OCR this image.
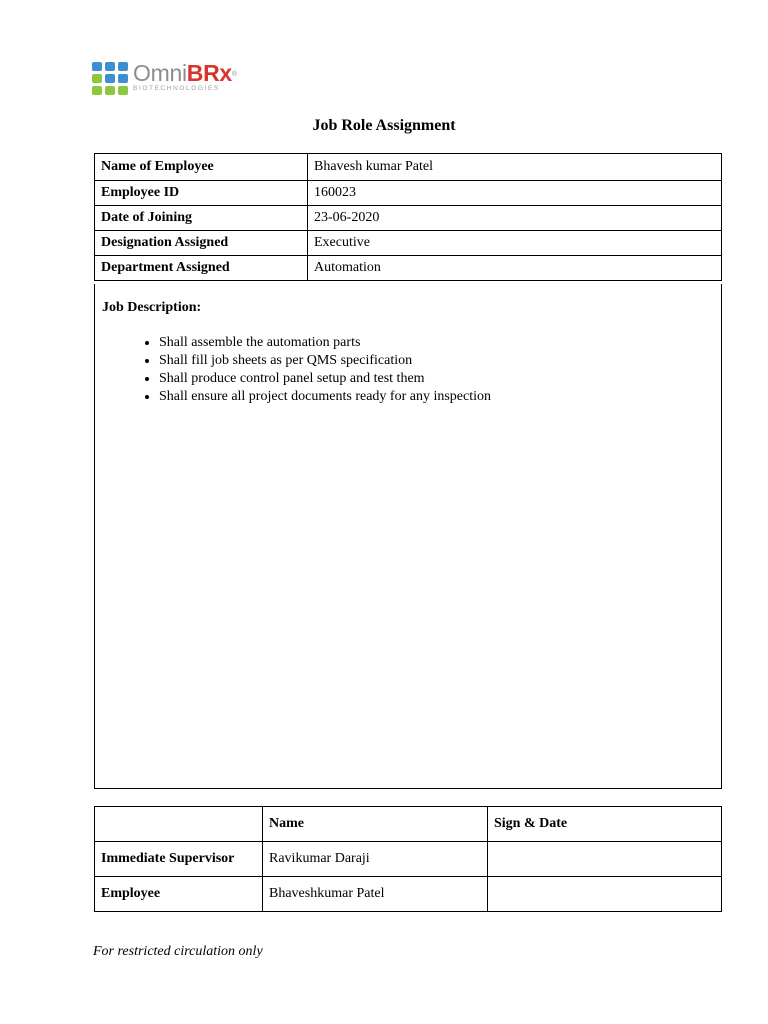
OmniBRx®
BIOTECHNOLOGIES
Job Role Assignment
Name of Employee	Bhavesh kumar Patel
Employee ID	160023
Date of Joining	23-06-2020
Designation Assigned	Executive
Department Assigned	Automation
Job Description:
• Shall assemble the automation parts
• Shall fill job sheets as per QMS specification
• Shall produce control panel setup and test them
• Shall ensure all project documents ready for any inspection
	Name	Sign & Date
Immediate Supervisor	Ravikumar Daraji	
Employee	Bhaveshkumar Patel	
For restricted circulation only
